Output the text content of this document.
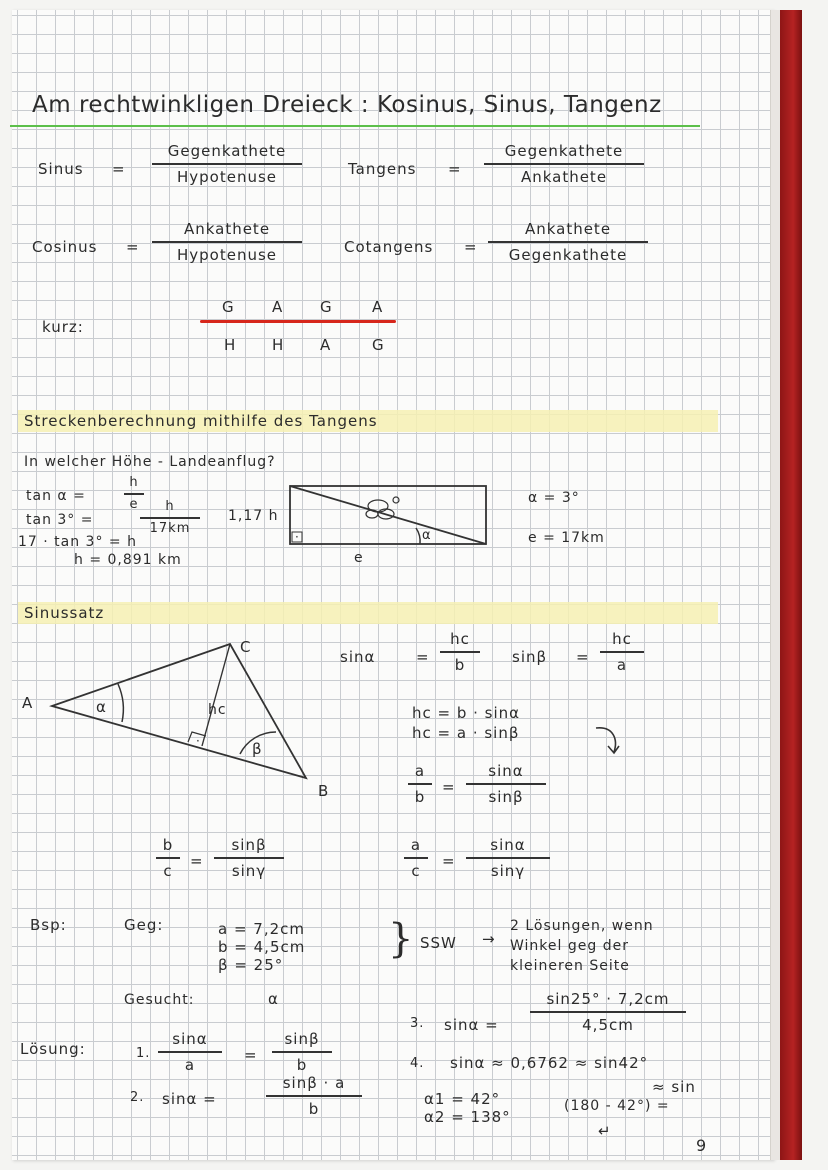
Am rechtwinkligen Dreieck : Kosinus, Sinus, Tangenz
Sinus =
Gegenkathete
Hypotenuse	Tangens =
Gegenkathete
Ankathete
Cosinus =
Ankathete
Hypotenuse	Cotangens =
Ankathete
Gegenkathete
kurz:
G A G	A
H H A	G
Streckenberechnung mithilfe des Tangens
In welcher Höhe - Landeanflug?
tan α =
h
e
tan 3° =
h
17km
17 · tan 3° = h
h = 0,891 km
1,17 h
e
α
·
α = 3°
e = 17km
Sinussatz
A
B
C
α
β
hc
·
sinα	=
hc
b	sinβ =
hc
a
hc = b · sinα
hc = a · sinβ
a
b
=
sinα
sinβ
b
c
=
sinβ
sinγ
a
c
=
sinα
sinγ
Bsp:	Geg:	a = 7,2cm
b = 4,5cm
β = 25°
} SSW →
2 Lösungen, wenn
Winkel geg der
kleineren Seite
Gesucht:	α
Lösung:	1.
sinα
a
=
sinβ
b
2. sinα =
sinβ · a
b
3. sinα =
sin25° · 7,2cm
4,5cm
4. sinα ≈ 0,6762 ≈ sin42°
≈ sin
α1 = 42°
α2 = 138°
(180 - 42°) =
↵
9
